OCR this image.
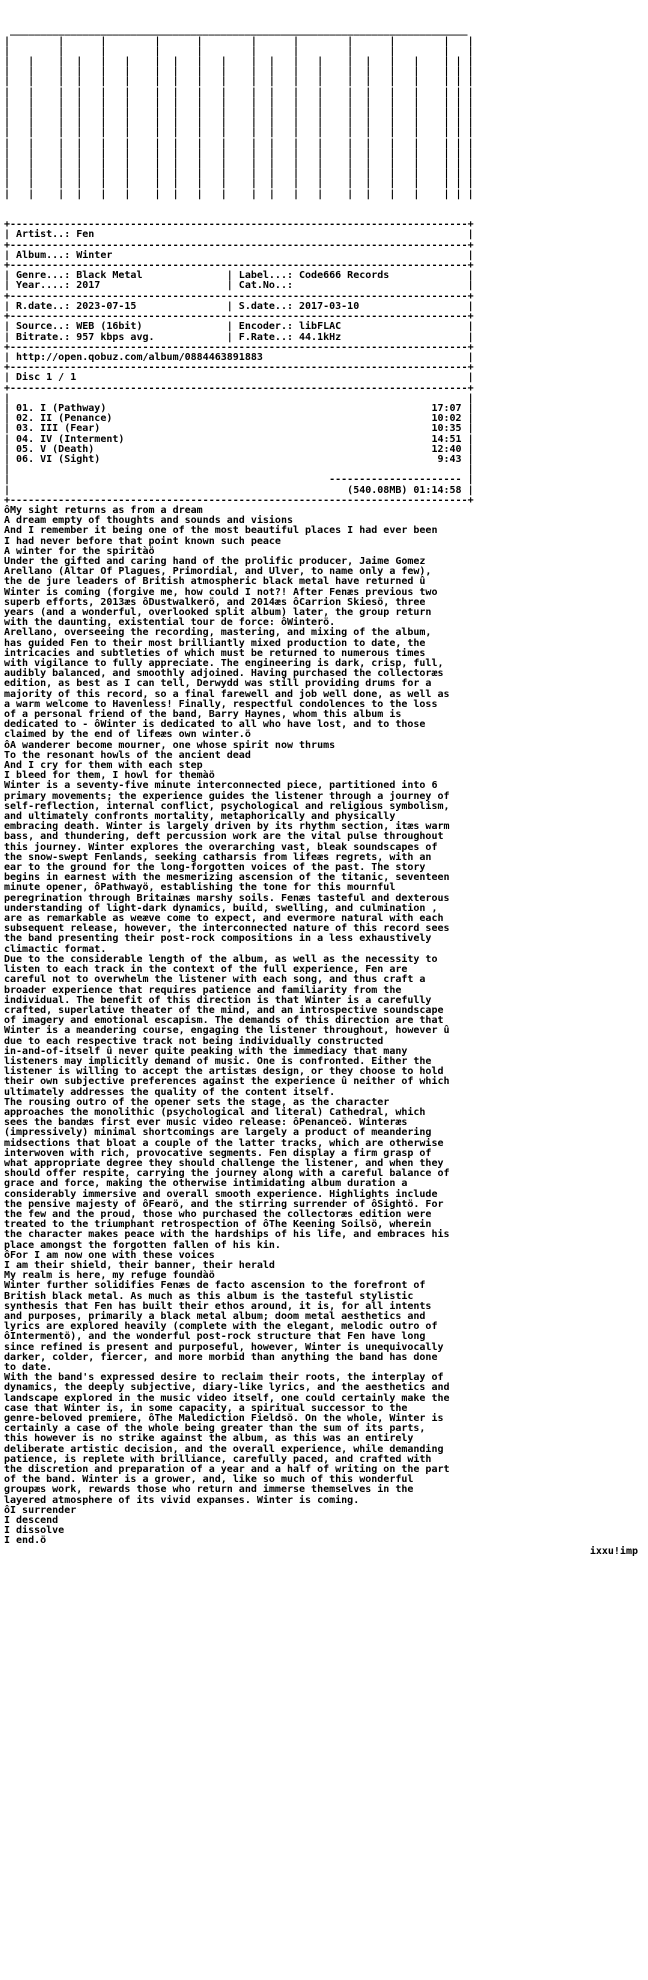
____________________________________________________________________________
|        |      |        |      |        |      |        |      |        |   |
|        |      |        |      |        |      |        |      |        |   |
|   |    |  |   |   |    |  |   |   |    |  |   |   |    |  |   |   |    | | |
|   |    |  |   |   |    |  |   |   |    |  |   |   |    |  |   |   |    | | |
|   |    |  |   |   |    |  |   |   |    |  |   |   |    |  |   |   |    | | |
|   |    |  |   |   |    |  |   |   |    |  |   |   |    |  |   |   |    | | |
|   |    |  |   |   |    |  |   |   |    |  |   |   |    |  |   |   |    | | |
|   |    |  |   |   |    |  |   |   |    |  |   |   |    |  |   |   |    | | |
|   |    |  |   |   |    |  |   |   |    |  |   |   |    |  |   |   |    | | |
|   |    |  |   |   |    |  |   |   |    |  |   |   |    |  |   |   |    | | |
|   |    |  |   |   |    |  |   |   |    |  |   |   |    |  |   |   |    | | |
|   |    |  |   |   |    |  |   |   |    |  |   |   |    |  |   |   |    | | |
|   |    |  |   |   |    |  |   |   |    |  |   |   |    |  |   |   |    | | |
|   |    |  |   |   |    |  |   |   |    |  |   |   |    |  |   |   |    | | |
|   |    |  |   |   |    |  |   |   |    |  |   |   |    |  |   |   |    | | |
|   |    |  |   |   |    |  |   |   |    |  |   |   |    |  |   |   |    | | |

+----------------------------------------------------------------------------+
| Artist..: Fen                                                              |
+----------------------------------------------------------------------------+
| Album...: Winter                                                           |
+----------------------------------------------------------------------------+
| Genre...: Black Metal              | Label...: Code666 Records             |
| Year....: 2017                     | Cat.No..:                             |
+----------------------------------------------------------------------------+
| R.date..: 2023-07-15               | S.date..: 2017-03-10                  |
+----------------------------------------------------------------------------+
| Source..: WEB (16bit)              | Encoder.: libFLAC                     |
| Bitrate.: 957 kbps avg.            | F.Rate..: 44.1kHz                     |
+----------------------------------------------------------------------------+
| http://open.qobuz.com/album/0884463891883                                  |
+----------------------------------------------------------------------------+
| Disc 1 / 1                                                                 |
+----------------------------------------------------------------------------+
|                                                                            |
| 01. I (Pathway)                                                      17:07 |
| 02. II (Penance)                                                     10:02 |
| 03. III (Fear)                                                       10:35 |
| 04. IV (Interment)                                                   14:51 |
| 05. V (Death)                                                        12:40 |
| 06. VI (Sight)                                                        9:43 |
|                                                                            |
|                                                     ---------------------- |
|                                                        (540.08MB) 01:14:58 |
+----------------------------------------------------------------------------+
ôMy sight returns as from a dream
A dream empty of thoughts and sounds and visions
And I remember it being one of the most beautiful places I had ever been
I had never before that point known such peace
A winter for the spiritàö
Under the gifted and caring hand of the prolific producer, Jaime Gomez
Arellano (Altar Of Plagues, Primordial, and Ulver, to name only a few),
the de jure leaders of British atmospheric black metal have returned û
Winter is coming (forgive me, how could I not?! After Fenæs previous two
superb efforts, 2013æs ôDustwalkerö, and 2014æs ôCarrion Skiesö, three
years (and a wonderful, overlooked split album) later, the group return
with the daunting, existential tour de force: ôWinterö.
Arellano, overseeing the recording, mastering, and mixing of the album,
has guided Fen to their most brilliantly mixed production to date, the
intricacies and subtleties of which must be returned to numerous times
with vigilance to fully appreciate. The engineering is dark, crisp, full,
audibly balanced, and smoothly adjoined. Having purchased the collectoræs
edition, as best as I can tell, Derwydd was still providing drums for a
majority of this record, so a final farewell and job well done, as well as
a warm welcome to Havenless! Finally, respectful condolences to the loss
of a personal friend of the band, Barry Haynes, whom this album is
dedicated to - ôWinter is dedicated to all who have lost, and to those
claimed by the end of lifeæs own winter.ö
ôA wanderer become mourner, one whose spirit now thrums
To the resonant howls of the ancient dead
And I cry for them with each step
I bleed for them, I howl for themàö
Winter is a seventy-five minute interconnected piece, partitioned into 6
primary movements; the experience guides the listener through a journey of
self-reflection, internal conflict, psychological and religious symbolism,
and ultimately confronts mortality, metaphorically and physically
embracing death. Winter is largely driven by its rhythm section, itæs warm
bass, and thundering, deft percussion work are the vital pulse throughout
this journey. Winter explores the overarching vast, bleak soundscapes of
the snow-swept Fenlands, seeking catharsis from lifeæs regrets, with an
ear to the ground for the long-forgotten voices of the past. The story
begins in earnest with the mesmerizing ascension of the titanic, seventeen
minute opener, ôPathwayö, establishing the tone for this mournful
peregrination through Britainæs marshy soils. Fenæs tasteful and dexterous
understanding of light-dark dynamics, build, swelling, and culmination ,
are as remarkable as weæve come to expect, and evermore natural with each
subsequent release, however, the interconnected nature of this record sees
the band presenting their post-rock compositions in a less exhaustively
climactic format.
Due to the considerable length of the album, as well as the necessity to
listen to each track in the context of the full experience, Fen are
careful not to overwhelm the listener with each song, and thus craft a
broader experience that requires patience and familiarity from the
individual. The benefit of this direction is that Winter is a carefully
crafted, superlative theater of the mind, and an introspective soundscape
of imagery and emotional escapism. The demands of this direction are that
Winter is a meandering course, engaging the listener throughout, however û
due to each respective track not being individually constructed
in-and-of-itself û never quite peaking with the immediacy that many
listeners may implicitly demand of music. One is confronted. Either the
listener is willing to accept the artistæs design, or they choose to hold
their own subjective preferences against the experience û neither of which
ultimately addresses the quality of the content itself.
The rousing outro of the opener sets the stage, as the character
approaches the monolithic (psychological and literal) Cathedral, which
sees the bandæs first ever music video release: ôPenanceö. Winteræs
(impressively) minimal shortcomings are largely a product of meandering
midsections that bloat a couple of the latter tracks, which are otherwise
interwoven with rich, provocative segments. Fen display a firm grasp of
what appropriate degree they should challenge the listener, and when they
should offer respite, carrying the journey along with a careful balance of
grace and force, making the otherwise intimidating album duration a
considerably immersive and overall smooth experience. Highlights include
the pensive majesty of ôFearö, and the stirring surrender of ôSightö. For
the few and the proud, those who purchased the collectoræs edition were
treated to the triumphant retrospection of ôThe Keening Soilsö, wherein
the character makes peace with the hardships of his life, and embraces his
place amongst the forgotten fallen of his kin.
ôFor I am now one with these voices
I am their shield, their banner, their herald
My realm is here, my refuge foundàö
Winter further solidifies Fenæs de facto ascension to the forefront of
British black metal. As much as this album is the tasteful stylistic
synthesis that Fen has built their ethos around, it is, for all intents
and purposes, primarily a black metal album; doom metal aesthetics and
lyrics are explored heavily (complete with the elegant, melodic outro of
ôIntermentö), and the wonderful post-rock structure that Fen have long
since refined is present and purposeful, however, Winter is unequivocally
darker, colder, fiercer, and more morbid than anything the band has done
to date.
With the band's expressed desire to reclaim their roots, the interplay of
dynamics, the deeply subjective, diary-like lyrics, and the aesthetics and
landscape explored in the music video itself, one could certainly make the
case that Winter is, in some capacity, a spiritual successor to the
genre-beloved premiere, ôThe Malediction Fieldsö. On the whole, Winter is
certainly a case of the whole being greater than the sum of its parts,
this however is no strike against the album, as this was an entirely
deliberate artistic decision, and the overall experience, while demanding
patience, is replete with brilliance, carefully paced, and crafted with
the discretion and preparation of a year and a half of writing on the part
of the band. Winter is a grower, and, like so much of this wonderful
groupæs work, rewards those who return and immerse themselves in the
layered atmosphere of its vivid expanses. Winter is coming.
ôI surrender
I descend
I dissolve
I end.ö
ixxu!imp
